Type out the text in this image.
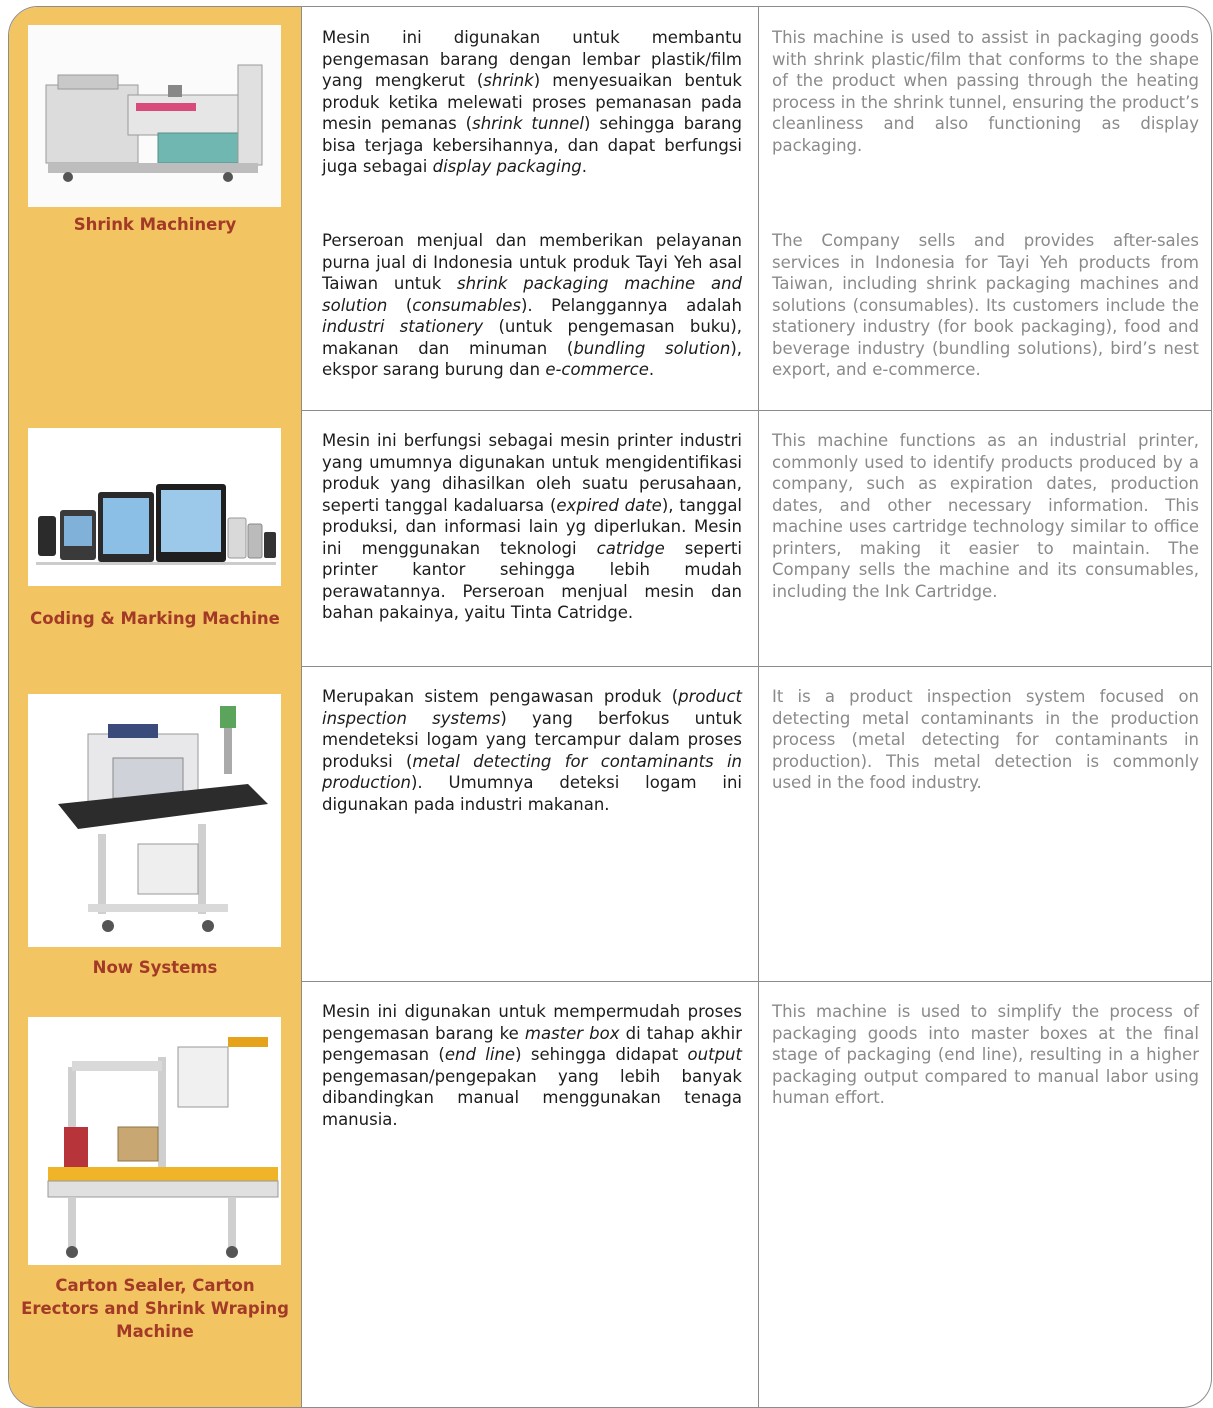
Shrink Machinery

Mesin ini digunakan untuk membantu pengemasan barang dengan lembar plastik/film yang mengkerut (shrink) menyesuaikan bentuk produk ketika melewati proses pemanasan pada mesin pemanas (shrink tunnel) sehingga barang bisa terjaga kebersihannya, dan dapat berfungsi juga sebagai display packaging.

Perseroan menjual dan memberikan pelayanan purna jual di Indonesia untuk produk Tayi Yeh asal Taiwan untuk shrink packaging machine and solution (consumables). Pelanggannya adalah industri stationery (untuk pengemasan buku), makanan dan minuman (bundling solution), ekspor sarang burung dan e-commerce.

This machine is used to assist in packaging goods with shrink plastic/film that conforms to the shape of the product when passing through the heating process in the shrink tunnel, ensuring the product’s cleanliness and also functioning as display packaging.

The Company sells and provides after-sales services in Indonesia for Tayi Yeh products from Taiwan, including shrink packaging machines and solutions (consumables). Its customers include the stationery industry (for book packaging), food and beverage industry (bundling solutions), bird’s nest export, and e-commerce.

Coding & Marking Machine

Mesin ini berfungsi sebagai mesin printer industri yang umumnya digunakan untuk mengidentifikasi produk yang dihasilkan oleh suatu perusahaan, seperti tanggal kadaluarsa (expired date), tanggal produksi, dan informasi lain yg diperlukan. Mesin ini menggunakan teknologi catridge seperti printer kantor sehingga lebih mudah perawatannya. Perseroan menjual mesin dan bahan pakainya, yaitu Tinta Catridge.

This machine functions as an industrial printer, commonly used to identify products produced by a company, such as expiration dates, production dates, and other necessary information. This machine uses cartridge technology similar to office printers, making it easier to maintain. The Company sells the machine and its consumables, including the Ink Cartridge.

Now Systems

Merupakan sistem pengawasan produk (product inspection systems) yang berfokus untuk mendeteksi logam yang tercampur dalam proses produksi (metal detecting for contaminants in production). Umumnya deteksi logam ini digunakan pada industri makanan.

It is a product inspection system focused on detecting metal contaminants in the production process (metal detecting for contaminants in production). This metal detection is commonly used in the food industry.

Carton Sealer, Carton Erectors and Shrink Wraping Machine

Mesin ini digunakan untuk mempermudah proses pengemasan barang ke master box di tahap akhir pengemasan (end line) sehingga didapat output pengemasan/pengepakan yang lebih banyak dibandingkan manual menggunakan tenaga manusia.

This machine is used to simplify the process of packaging goods into master boxes at the final stage of packaging (end line), resulting in a higher packaging output compared to manual labor using human effort.
